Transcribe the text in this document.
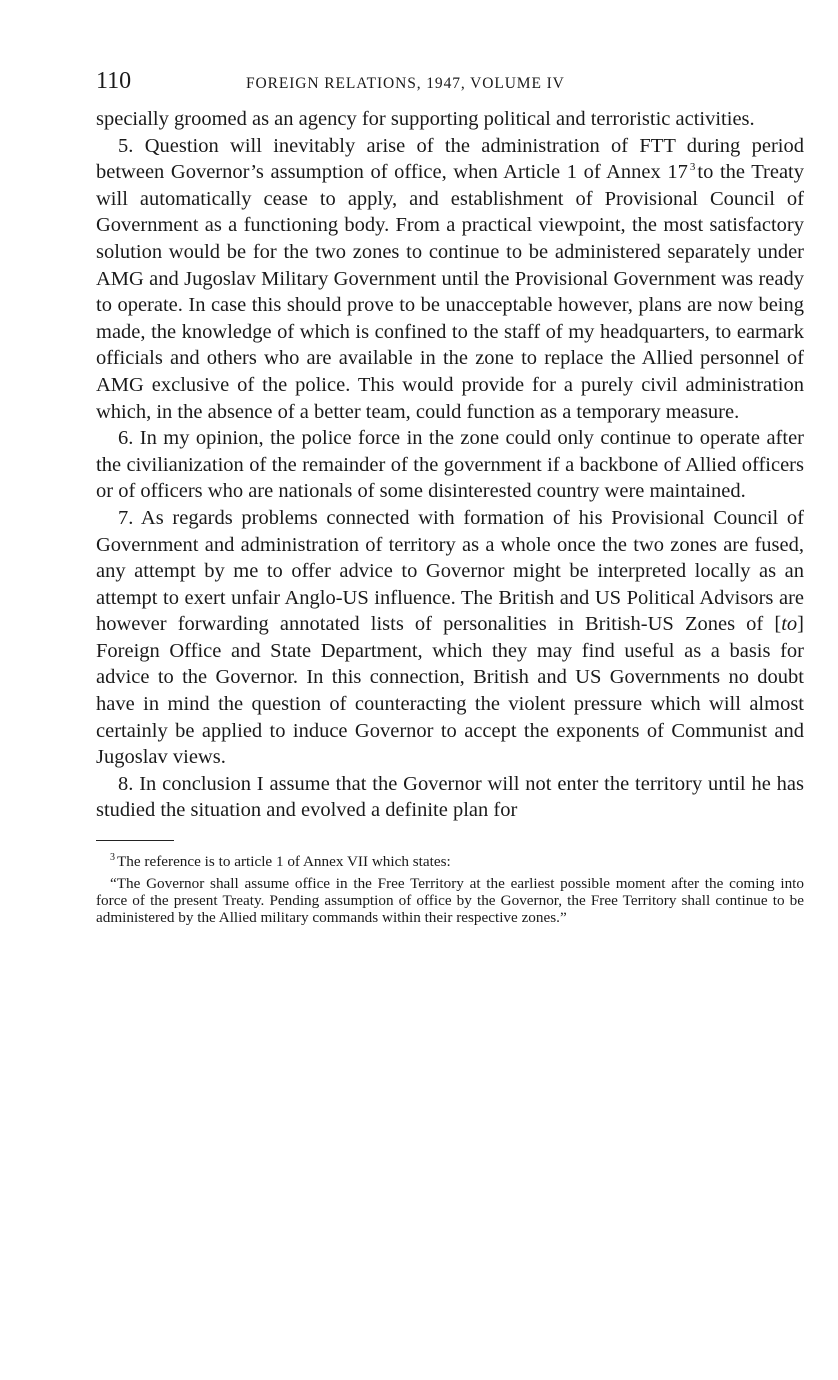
110	FOREIGN RELATIONS, 1947, VOLUME IV

specially groomed as an agency for supporting political and terroristic activities.

5. Question will inevitably arise of the administration of FTT during period between Governor’s assumption of office, when Article 1 of Annex 17 $^3$to the Treaty will automatically cease to apply, and establishment of Provisional Council of Government as a functioning body. From a practical viewpoint, the most satisfactory solution would be for the two zones to continue to be administered separately under AMG and Jugoslav Military Government until the Provisional Government was ready to operate. In case this should prove to be unacceptable however, plans are now being made, the knowledge of which is confined to the staff of my headquarters, to earmark officials and others who are available in the zone to replace the Allied personnel of AMG exclusive of the police. This would provide for a purely civil administration which, in the absence of a better team, could function as a temporary measure.

6. In my opinion, the police force in the zone could only continue to operate after the civilianization of the remainder of the government if a backbone of Allied officers or of officers who are nationals of some disinterested country were maintained.

7. As regards problems connected with formation of his Provisional Council of Government and administration of territory as a whole once the two zones are fused, any attempt by me to offer advice to Governor might be interpreted locally as an attempt to exert unfair Anglo-US influence. The British and US Political Advisors are however forwarding annotated lists of personalities in British-US Zones of [to] Foreign Office and State Department, which they may find useful as a basis for advice to the Governor. In this connection, British and US Governments no doubt have in mind the question of counteracting the violent pressure which will almost certainly be applied to induce Governor to accept the exponents of Communist and Jugoslav views.

8. In conclusion I assume that the Governor will not enter the territory until he has studied the situation and evolved a definite plan for

$^3$ The reference is to article 1 of Annex VII which states:

“The Governor shall assume office in the Free Territory at the earliest possible moment after the coming into force of the present Treaty. Pending assumption of office by the Governor, the Free Territory shall continue to be administered by the Allied military commands within their respective zones.”
